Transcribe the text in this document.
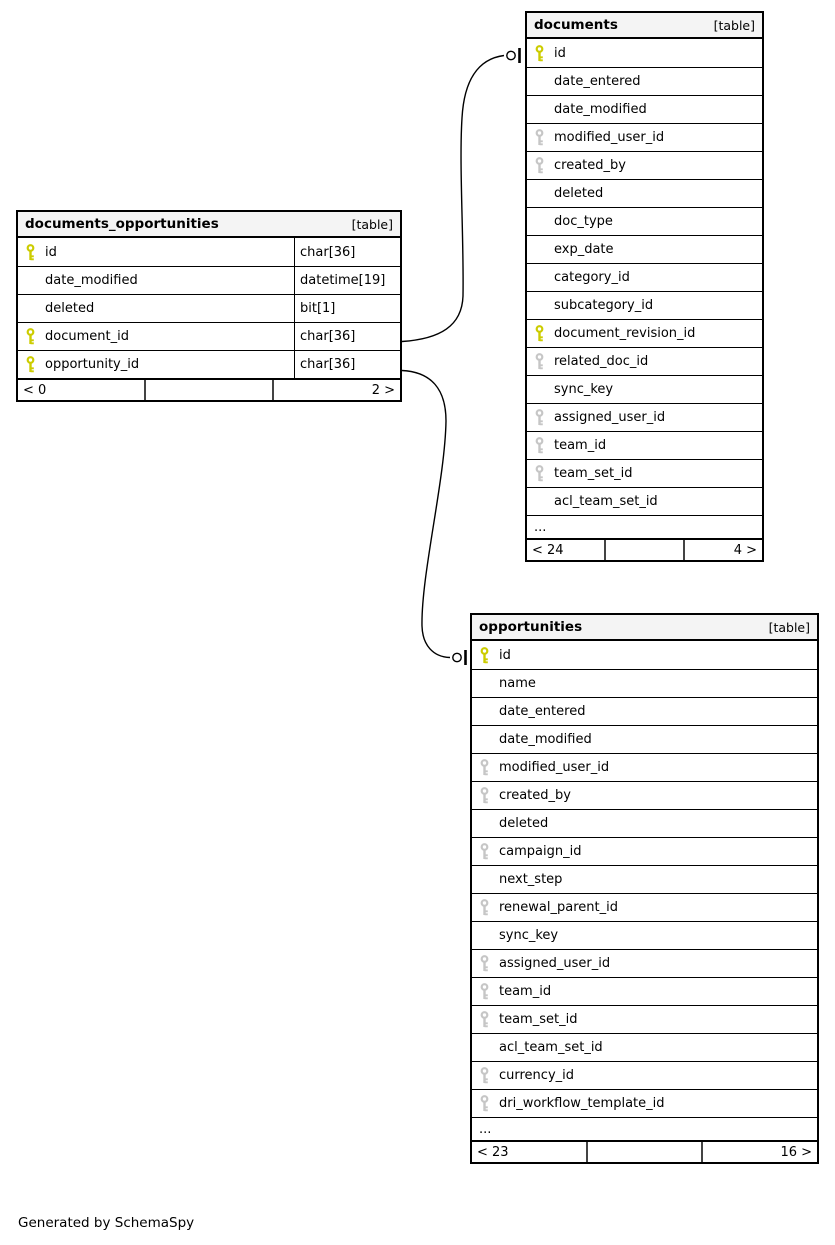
documents_opportunities	[table]
id	char[36]
date_modified	datetime[19]
deleted	bit[1]
document_id	char[36]
opportunity_id	char[36]
< 0	2 >
documents	[table]
id
date_entered
date_modified
modified_user_id
created_by
deleted
doc_type
exp_date
category_id
subcategory_id
document_revision_id
related_doc_id
sync_key
assigned_user_id
team_id
team_set_id
acl_team_set_id
...
< 24	4 >
opportunities	[table]
id
name
date_entered
date_modified
modified_user_id
created_by
deleted
campaign_id
next_step
renewal_parent_id
sync_key
assigned_user_id
team_id
team_set_id
acl_team_set_id
currency_id
dri_workflow_template_id
...
< 23	16 >
Generated by SchemaSpy
